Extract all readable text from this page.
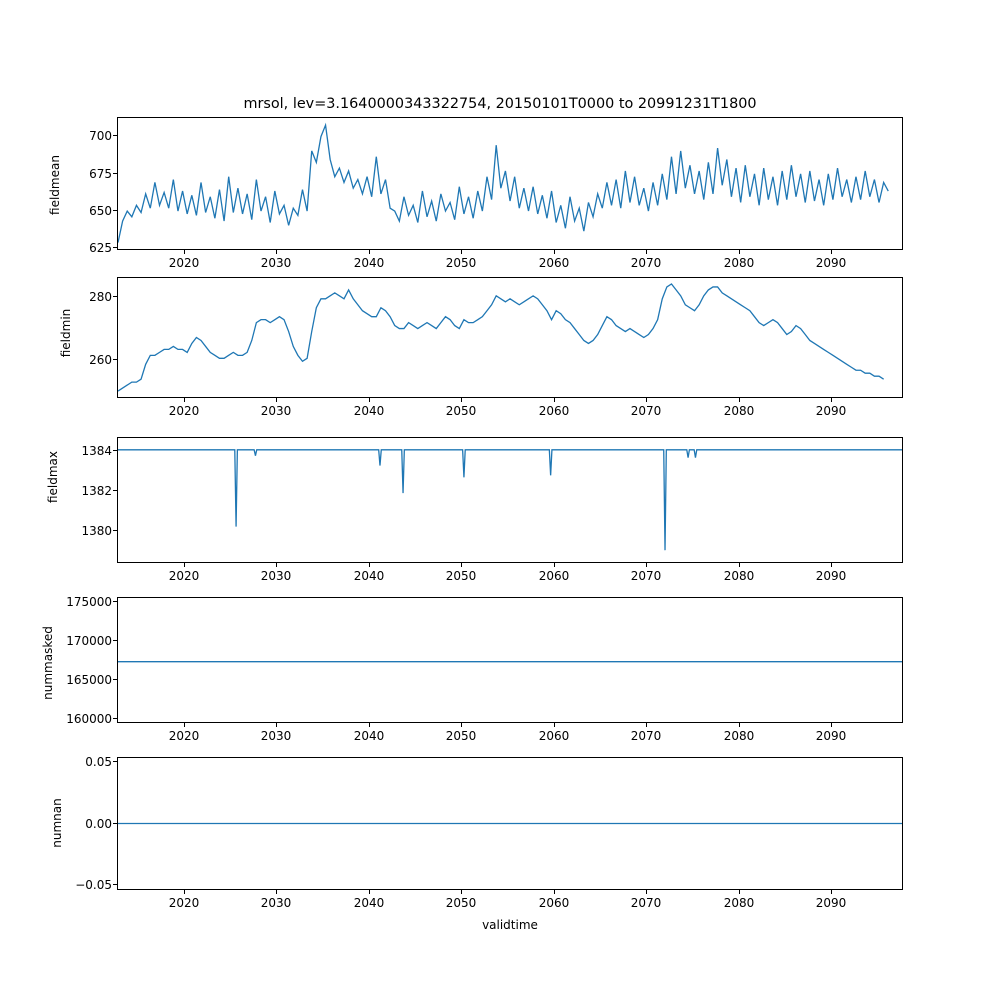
mrsol, lev=3.1640000343322754, 20150101T0000 to 20991231T1800
fieldmean
700
675
650
625
2020	2030	2040	2050	2060	2070	2080	2090
fieldmin
280
260
2020	2030	2040	2050	2060	2070	2080	2090
fieldmax	1384
1382
1380
2020	2030	2040	2050	2060	2070	2080	2090
nummasked
175000
170000
165000
160000
2020	2030	2040	2050	2060	2070	2080	2090
numnan
0.05
0.00
−0.05
2020	2030	2040	2050	2060	2070	2080	2090
validtime
